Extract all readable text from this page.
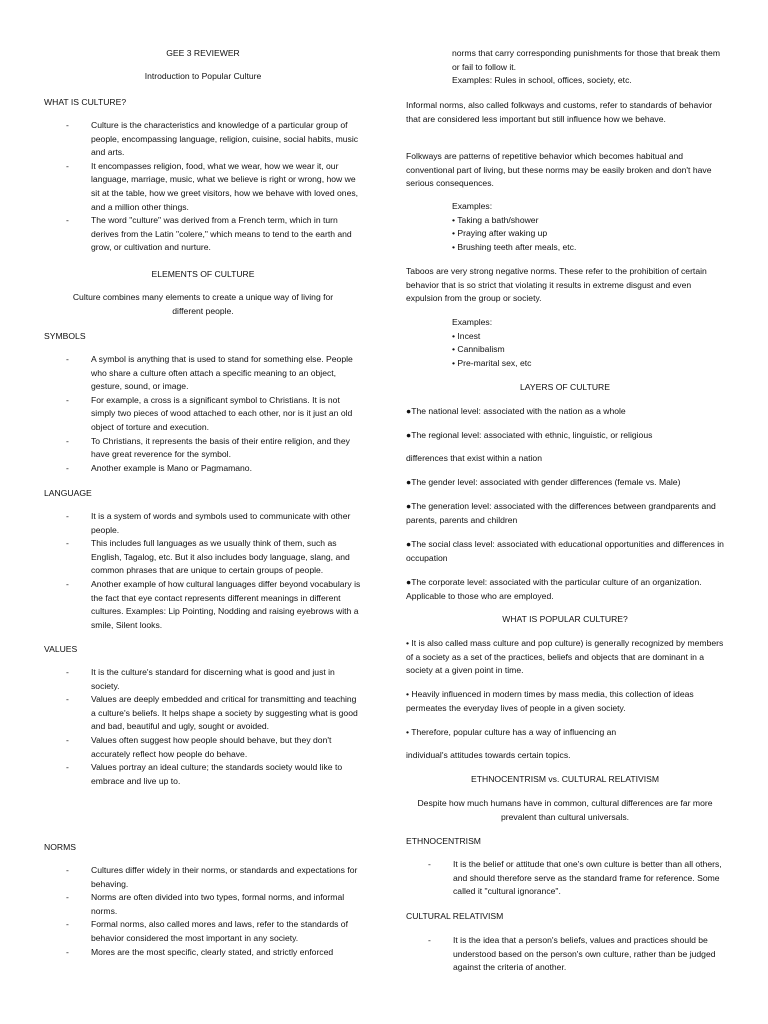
GEE 3 REVIEWER
Introduction to Popular Culture
WHAT IS CULTURE?
- Culture is the characteristics and knowledge of a particular group of people, encompassing language, religion, cuisine, social habits, music and arts.
- It encompasses religion, food, what we wear, how we wear it, our language, marriage, music, what we believe is right or wrong, how we sit at the table, how we greet visitors, how we behave with loved ones, and a million other things.
- The word "culture" was derived from a French term, which in turn derives from the Latin "colere," which means to tend to the earth and grow, or cultivation and nurture.
ELEMENTS OF CULTURE
Culture combines many elements to create a unique way of living for different people.
SYMBOLS
- A symbol is anything that is used to stand for something else. People who share a culture often attach a specific meaning to an object, gesture, sound, or image.
- For example, a cross is a significant symbol to Christians. It is not simply two pieces of wood attached to each other, nor is it just an old object of torture and execution.
- To Christians, it represents the basis of their entire religion, and they have great reverence for the symbol.
- Another example is Mano or Pagmamano.
LANGUAGE
- It is a system of words and symbols used to communicate with other people.
- This includes full languages as we usually think of them, such as English, Tagalog, etc. But it also includes body language, slang, and common phrases that are unique to certain groups of people.
- Another example of how cultural languages differ beyond vocabulary is the fact that eye contact represents different meanings in different cultures. Examples: Lip Pointing, Nodding and raising eyebrows with a smile, Silent looks.
VALUES
- It is the culture's standard for discerning what is good and just in society.
- Values are deeply embedded and critical for transmitting and teaching
a culture's beliefs. It helps shape a society by suggesting what is good
and bad, beautiful and ugly, sought or avoided.
- Values often suggest how people should behave, but they don't accurately reflect how people do behave.
- Values portray an ideal culture; the standards society would like to
embrace and live up to.
NORMS
- Cultures differ widely in their norms, or standards and expectations for behaving.
- Norms are often divided into two types, formal norms, and informal norms.
- Formal norms, also called mores and laws, refer to the standards of behavior considered the most important in any society.
- Mores are the most specific, clearly stated, and strictly enforced

norms that carry corresponding punishments for those that break them or fail to follow it.

Examples: Rules in school, offices, society, etc.

Informal norms, also called folkways and customs, refer to standards of behavior that are considered less important but still influence how we behave.

Folkways are patterns of repetitive behavior which becomes habitual and conventional part of living, but these norms may be easily broken and don't have serious consequences.

Examples:

• Taking a bath/shower

• Praying after waking up

• Brushing teeth after meals, etc.

Taboos are very strong negative norms. These refer to the prohibition of certain behavior that is so strict that violating it results in extreme disgust and even expulsion from the group or society.

Examples:

• Incest

• Cannibalism

• Pre-marital sex, etc

LAYERS OF CULTURE

●The national level: associated with the nation as a whole

●The regional level: associated with ethnic, linguistic, or religious

differences that exist within a nation

●The gender level: associated with gender differences (female vs. Male)

●The generation level: associated with the differences between grandparents and parents, parents and children

●The social class level: associated with educational opportunities and differences in occupation

●The corporate level: associated with the particular culture of an organization. Applicable to those who are employed.

WHAT IS POPULAR CULTURE?

• It is also called mass culture and pop culture) is generally recognized by members of a society as a set of the practices, beliefs and objects that are dominant in a society at a given point in time.

• Heavily influenced in modern times by mass media, this collection of ideas permeates the everyday lives of people in a given society.

• Therefore, popular culture has a way of influencing an

individual's attitudes towards certain topics.

ETHNOCENTRISM vs. CULTURAL RELATIVISM
Despite how much humans have in common, cultural differences are far more prevalent than cultural universals.
ETHNOCENTRISM
- It is the belief or attitude that one's own culture is better than all others, and should therefore serve as the standard frame for reference. Some called it "cultural ignorance".
CULTURAL RELATIVISM
- It is the idea that a person's beliefs, values and practices should be understood based on the person's own culture, rather than be judged against the criteria of another.
